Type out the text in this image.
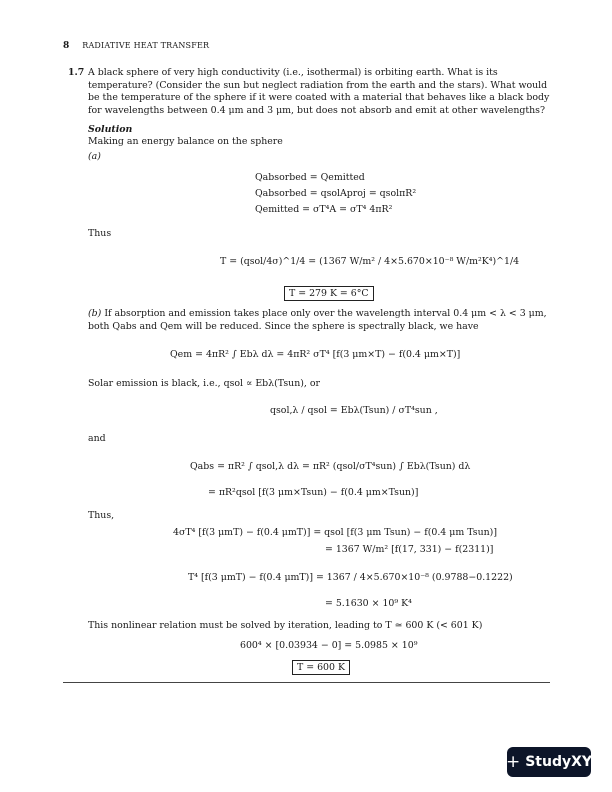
8 RADIATIVE HEAT TRANSFER
1.7 A black sphere of very high conductivity (i.e., isothermal) is orbiting earth. What is its temperature? (Consider the sun but neglect radiation from the earth and the stars). What would be the temperature of the sphere if it were coated with a material that behaves like a black body for wavelengths between 0.4 μm and 3 μm, but does not absorb and emit at other wavelengths?
Solution
Making an energy balance on the sphere
(a)
Qabsorbed = Qemitted
Qabsorbed = qsolAproj = qsolπR²
Qemitted = σT⁴A = σT⁴ 4πR²
Thus
T = (qsol/4σ)^1/4 = (1367 W/m² / 4×5.670×10⁻⁸ W/m²K⁴)^1/4
T = 279 K = 6°C
(b) If absorption and emission takes place only over the wavelength interval 0.4 μm < λ < 3 μm, both Qabs and Qem will be reduced. Since the sphere is spectrally black, we have
Qem = 4πR² ∫ Ebλ dλ = 4πR² σT⁴ [f(3 μm×T) − f(0.4 μm×T)]
Solar emission is black, i.e., qsol ∝ Ebλ(Tsun), or
qsol,λ / qsol = Ebλ(Tsun) / σT⁴sun ,
and
Qabs = πR² ∫ qsol,λ dλ = πR² (qsol/σT⁴sun) ∫ Ebλ(Tsun) dλ
= πR²qsol [f(3 μm×Tsun) − f(0.4 μm×Tsun)]
Thus,
4σT⁴ [f(3 μmT) − f(0.4 μmT)] = qsol [f(3 μm Tsun) − f(0.4 μm Tsun)]
= 1367 W/m² [f(17, 331) − f(2311)]
T⁴ [f(3 μmT) − f(0.4 μmT)] = 1367 / 4×5.670×10⁻⁸ (0.9788−0.1222)
= 5.1630 × 10⁹ K⁴
This nonlinear relation must be solved by iteration, leading to T ≃ 600 K (< 601 K)
600⁴ × [0.03934 − 0] = 5.0985 × 10⁹
T = 600 K
+ StudyXY
